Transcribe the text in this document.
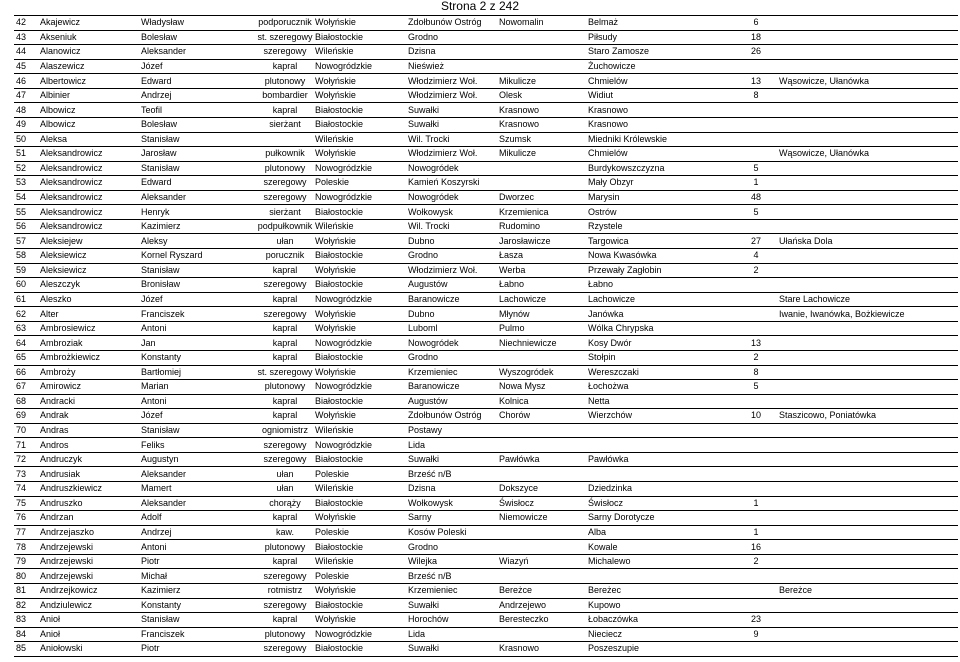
Strona 2 z 242
42	Akajewicz	Władysław	podporucznik	Wołyńskie	Zdołbunów Ostróg	Nowomalin	Belmaż	6	
43	Akseniuk	Bolesław	st. szeregowy	Białostockie	Grodno		Piłsudy	18	
44	Alanowicz	Aleksander	szeregowy	Wileńskie	Dzisna		Staro Zamosze	26	
45	Alaszewicz	Józef	kapral	Nowogródzkie	Nieśwież		Żuchowicze		
46	Albertowicz	Edward	plutonowy	Wołyńskie	Włodzimierz Woł.	Mikulicze	Chmielów	13	Wąsowicze, Ułanówka
47	Albinier	Andrzej	bombardier	Wołyńskie	Włodzimierz Woł.	Olesk	Widiut	8	
48	Albowicz	Teofil	kapral	Białostockie	Suwałki	Krasnowo	Krasnowo		
49	Albowicz	Bolesław	sierżant	Białostockie	Suwałki	Krasnowo	Krasnowo		
50	Aleksa	Stanisław		Wileńskie	Wil. Trocki	Szumsk	Miedniki Królewskie		
51	Aleksandrowicz	Jarosław	pułkownik	Wołyńskie	Włodzimierz Woł.	Mikulicze	Chmielów		Wąsowicze, Ułanówka
52	Aleksandrowicz	Stanisław	plutonowy	Nowogródzkie	Nowogródek		Burdykowszczyzna	5	
53	Aleksandrowicz	Edward	szeregowy	Poleskie	Kamień Koszyrski		Mały Obzyr	1	
54	Aleksandrowicz	Aleksander	szeregowy	Nowogródzkie	Nowogródek	Dworzec	Marysin	48	
55	Aleksandrowicz	Henryk	sierżant	Białostockie	Wołkowysk	Krzemienica	Ostrów	5	
56	Aleksandrowicz	Kazimierz	podpułkownik	Wileńskie	Wil. Trocki	Rudomino	Rzystele		
57	Aleksiejew	Aleksy	ułan	Wołyńskie	Dubno	Jarosławicze	Targowica	27	Ułańska Dola
58	Aleksiewicz	Kornel Ryszard	porucznik	Białostockie	Grodno	Łasza	Nowa Kwasówka	4	
59	Aleksiewicz	Stanisław	kapral	Wołyńskie	Włodzimierz Woł.	Werba	Przewały Zagłobin	2	
60	Aleszczyk	Bronisław	szeregowy	Białostockie	Augustów	Łabno	Łabno		
61	Aleszko	Józef	kapral	Nowogródzkie	Baranowicze	Lachowicze	Lachowicze		Stare Lachowicze
62	Alter	Franciszek	szeregowy	Wołyńskie	Dubno	Młynów	Janówka		Iwanie, Iwanówka, Bożkiewicze
63	Ambrosiewicz	Antoni	kapral	Wołyńskie	Luboml	Pulmo	Wólka Chrypska		
64	Ambroziak	Jan	kapral	Nowogródzkie	Nowogródek	Niechniewicze	Kosy Dwór	13	
65	Ambrożkiewicz	Konstanty	kapral	Białostockie	Grodno		Stołpin	2	
66	Ambroży	Bartłomiej	st. szeregowy	Wołyńskie	Krzemieniec	Wyszogródek	Wereszczaki	8	
67	Amirowicz	Marian	plutonowy	Nowogródzkie	Baranowicze	Nowa Mysz	Łochożwa	5	
68	Andracki	Antoni	kapral	Białostockie	Augustów	Kolnica	Netta		
69	Andrak	Józef	kapral	Wołyńskie	Zdołbunów Ostróg	Chorów	Wierzchów	10	Staszicowo, Poniatówka
70	Andras	Stanisław	ogniomistrz	Wileńskie	Postawy				
71	Andros	Feliks	szeregowy	Nowogródzkie	Lida				
72	Andruczyk	Augustyn	szeregowy	Białostockie	Suwałki	Pawłówka	Pawłówka		
73	Andrusiak	Aleksander	ułan	Poleskie	Brześć n/B				
74	Andruszkiewicz	Mamert	ułan	Wileńskie	Dzisna	Dokszyce	Dziedzinka		
75	Andruszko	Aleksander	chorąży	Białostockie	Wołkowysk	Świsłocz	Świsłocz	1	
76	Andrzan	Adolf	kapral	Wołyńskie	Sarny	Niemowicze	Sarny Dorotycze		
77	Andrzejaszko	Andrzej	kaw.	Poleskie	Kosów Poleski		Alba	1	
78	Andrzejewski	Antoni	plutonowy	Białostockie	Grodno		Kowale	16	
79	Andrzejewski	Piotr	kapral	Wileńskie	Wilejka	Wiazyń	Michalewo	2	
80	Andrzejewski	Michał	szeregowy	Poleskie	Brześć n/B				
81	Andrzejkowicz	Kazimierz	rotmistrz	Wołyńskie	Krzemieniec	Bereżce	Bereżec		Bereżce
82	Andziulewicz	Konstanty	szeregowy	Białostockie	Suwałki	Andrzejewo	Kupowo		
83	Anioł	Stanisław	kapral	Wołyńskie	Horochów	Beresteczko	Łobaczówka	23	
84	Anioł	Franciszek	plutonowy	Nowogródzkie	Lida		Nieciecz	9	
85	Aniołowski	Piotr	szeregowy	Białostockie	Suwałki	Krasnowo	Poszeszupie		
